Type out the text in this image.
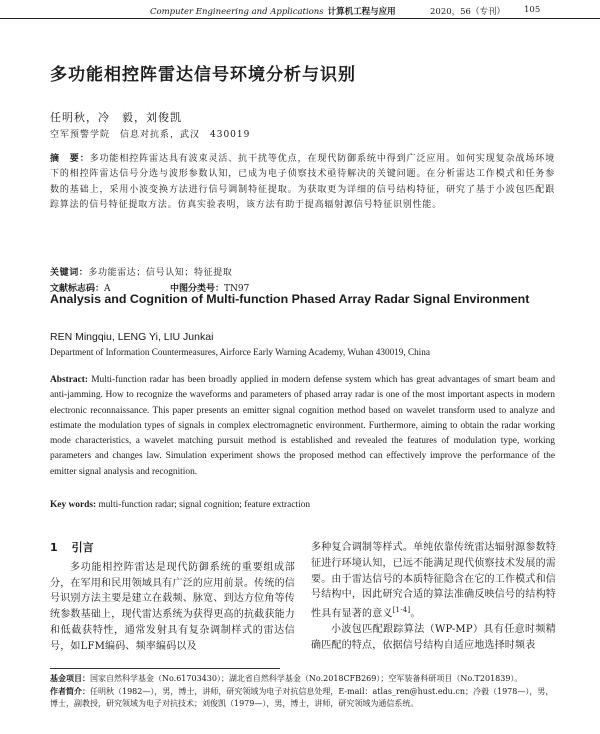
Computer Engineering and Applications 计算机工程与应用	2020，56（专刊） 105
多功能相控阵雷达信号环境分析与识别
任明秋，冷　毅，刘俊凯
空军预警学院　信息对抗系，武汉　430019
摘　要：多功能相控阵雷达具有波束灵活、抗干扰等优点，在现代防御系统中得到广泛应用。如何实现复杂战场环境下的相控阵雷达信号分选与波形参数认知，已成为电子侦察技术亟待解决的关键问题。在分析雷达工作模式和任务参数的基础上，采用小波变换方法进行信号调制特征提取。为获取更为详细的信号结构特征，研究了基于小波包匹配跟踪算法的信号特征提取方法。仿真实验表明，该方法有助于提高辐射源信号特征识别性能。
关键词：多功能雷达；信号认知；特征提取
文献标志码：A	中图分类号：TN97
Analysis and Cognition of Multi-function Phased Array Radar Signal Environment
REN Mingqiu, LENG Yi, LIU Junkai
Department of Information Countermeasures, Airforce Early Warning Academy, Wuhan 430019, China
Abstract: Multi-function radar has been broadly applied in modern defense system which has great advantages of smart beam and anti-jamming. How to recognize the waveforms and parameters of phased array radar is one of the most important aspects in modern electronic reconnaissance. This paper presents an emitter signal cognition method based on wavelet transform used to analyze and estimate the modulation types of signals in complex electromagnetic environment. Furthermore, aiming to obtain the radar working mode characteristics, a wavelet matching pursuit method is established and revealed the features of modulation type, working parameters and changes law. Simulation experiment shows the proposed method can effectively improve the performance of the emitter signal analysis and recognition.
Key words: multi-function radar; signal cognition; feature extraction
1 引言

多功能相控阵雷达是现代防御系统的重要组成部分，在军用和民用领域具有广泛的应用前景。传统的信号识别方法主要是建立在载频、脉宽、到达方位角等传统参数基础上，现代雷达系统为获得更高的抗截获能力和低截获特性，通常发射具有复杂调制样式的雷达信号，如LFM编码、频率编码以及

多种复合调制等样式。单纯依靠传统雷达辐射源参数特征进行环境认知，已远不能满足现代侦察技术发展的需要。由于雷达信号的本质特征隐含在它的工作模式和信号结构中，因此研究合适的算法准确反映信号的结构特性具有显著的意义[1-4]。

小波包匹配跟踪算法（WP-MP）具有任意时频精确匹配的特点，依据信号结构自适应地选择时频表

基金项目：国家自然科学基金（No.61703430）；湖北省自然科学基金（No.2018CFB269）；空军装备科研项目（No.T201839）。
作者简介：任明秋（1982—），男，博士，讲师，研究领域为电子对抗信息处理，E-mail：atlas_ren@hust.edu.cn；冷毅（1978—），男，博士，副教授，研究领域为电子对抗技术；刘俊凯（1979—），男，博士，讲师，研究领域为通信系统。
